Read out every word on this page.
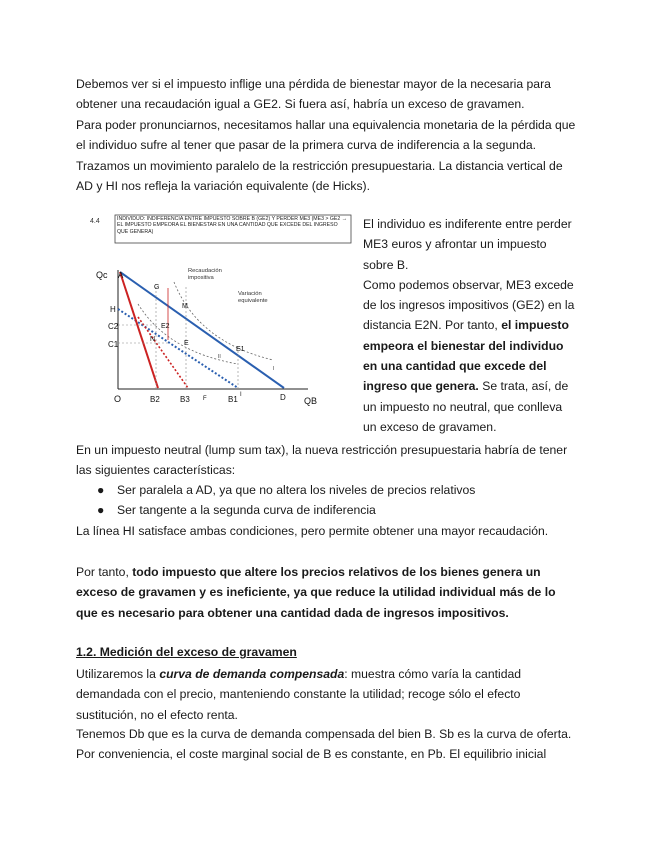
Debemos ver si el impuesto inflige una pérdida de bienestar mayor de la necesaria para obtener una recaudación igual a GE2. Si fuera así, habría un exceso de gravamen.

Para poder pronunciarnos, necesitamos hallar una equivalencia monetaria de la pérdida que el individuo sufre al tener que pasar de la primera curva de indiferencia a la segunda. Trazamos un movimiento paralelo de la restricción presupuestaria. La distancia vertical de AD y HI nos refleja la variación equivalente (de Hicks).

4.4	INDIVIDUO: INDIFERENCIA ENTRE IMPUESTO SOBRE B (GE2) Y PERDER ME3 (ME3 > GE2 → EL IMPUESTO EMPEORA EL BIENESTAR EN UNA CANTIDAD QUE EXCEDE DEL INGRESO QUE GENERA)
Qc A
H
C2
C1
O	B2	B3 F	B1 I	D QB
G
M
E2
N
E
E1
II
I
Recaudación impositiva
Variación equivalente
El individuo es indiferente entre perder ME3 euros y afrontar un impuesto sobre B.
Como podemos observar, ME3 excede de los ingresos impositivos (GE2) en la distancia E2N. Por tanto, el impuesto empeora el bienestar del individuo en una cantidad que excede del ingreso que genera. Se trata, así, de un impuesto no neutral, que conlleva un exceso de gravamen.

En un impuesto neutral (lump sum tax), la nueva restricción presupuestaria habría de tener las siguientes características:

● Ser paralela a AD, ya que no altera los niveles de precios relativos
● Ser tangente a la segunda curva de indiferencia

La línea HI satisface ambas condiciones, pero permite obtener una mayor recaudación.

Por tanto, todo impuesto que altere los precios relativos de los bienes genera un exceso de gravamen y es ineficiente, ya que reduce la utilidad individual más de lo que es necesario para obtener una cantidad dada de ingresos impositivos.

1.2. Medición del exceso de gravamen

Utilizaremos la curva de demanda compensada: muestra cómo varía la cantidad demandada con el precio, manteniendo constante la utilidad; recoge sólo el efecto sustitución, no el efecto renta.

Tenemos Db que es la curva de demanda compensada del bien B. Sb es la curva de oferta. Por conveniencia, el coste marginal social de B es constante, en Pb. El equilibrio inicial
